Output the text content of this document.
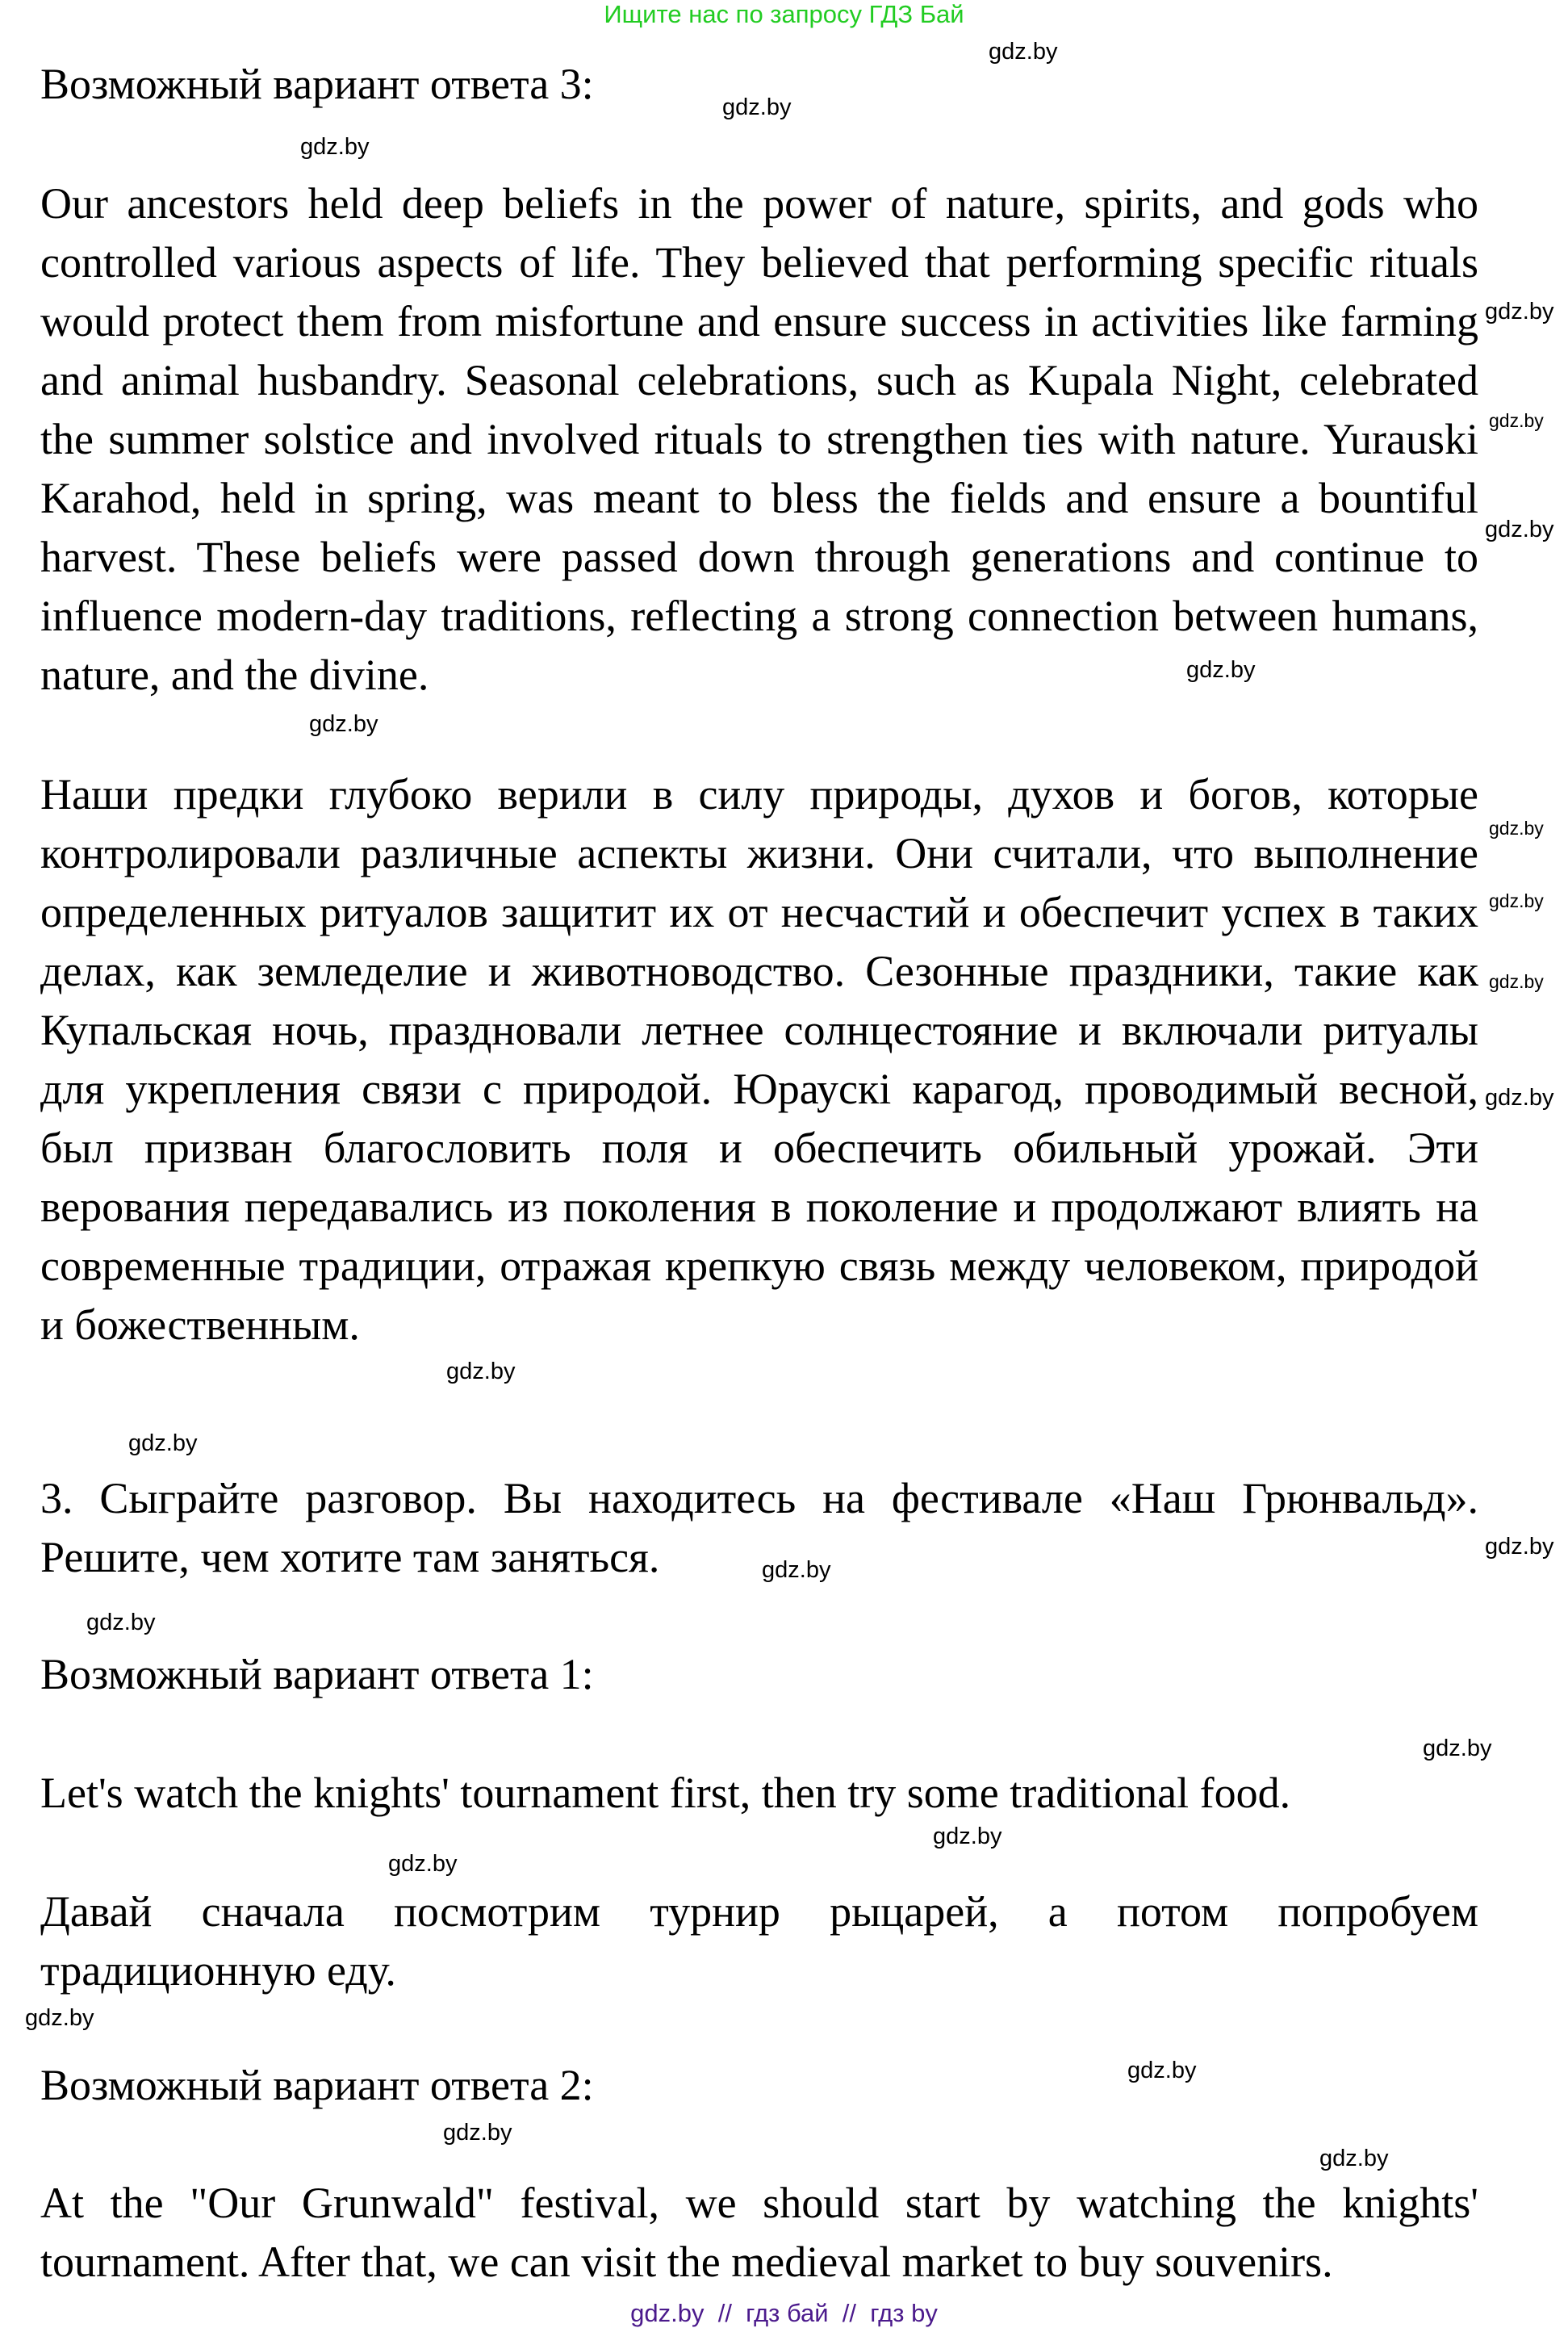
Ищите нас по запросу ГДЗ Бай
Возможный вариант ответа 3:
Our ancestors held deep beliefs in the power of nature, spirits, and gods who controlled various aspects of life. They believed that performing specific rituals would protect them from misfortune and ensure success in activities like farming and animal husbandry. Seasonal celebrations, such as Kupala Night, celebrated the summer solstice and involved rituals to strengthen ties with nature. Yurauski Karahod, held in spring, was meant to bless the fields and ensure a bountiful harvest. These beliefs were passed down through generations and continue to influence modern-day traditions, reflecting a strong connection between humans, nature, and the divine.
Наши предки глубоко верили в силу природы, духов и богов, которые контролировали различные аспекты жизни. Они считали, что выполнение определенных ритуалов защитит их от несчастий и обеспечит успех в таких делах, как земледелие и животноводство. Сезонные праздники, такие как Купальская ночь, праздновали летнее солнцестояние и включали ритуалы для укрепления связи с природой. Юраускі карагод, проводимый весной, был призван благословить поля и обеспечить обильный урожай. Эти верования передавались из поколения в поколение и продолжают влиять на современные традиции, отражая крепкую связь между человеком, природой и божественным.
3. Сыграйте разговор. Вы находитесь на фестивале «Наш Грюнвальд». Решите, чем хотите там заняться.
Возможный вариант ответа 1:
Let's watch the knights' tournament first, then try some traditional food.
Давай сначала посмотрим турнир рыцарей, а потом попробуем традиционную еду.
Возможный вариант ответа 2:
At the "Our Grunwald" festival, we should start by watching the knights' tournament. After that, we can visit the medieval market to buy souvenirs.
gdz.by
gdz.by
gdz.by
gdz.by
gdz.by
gdz.by
gdz.by
gdz.by
gdz.by
gdz.by
gdz.by
gdz.by
gdz.by
gdz.by
gdz.by
gdz.by
gdz.by
gdz.by
gdz.by
gdz.by
gdz.by
gdz.by
gdz.by
gdz.by
gdz.by  //  гдз бай  //  гдз by
